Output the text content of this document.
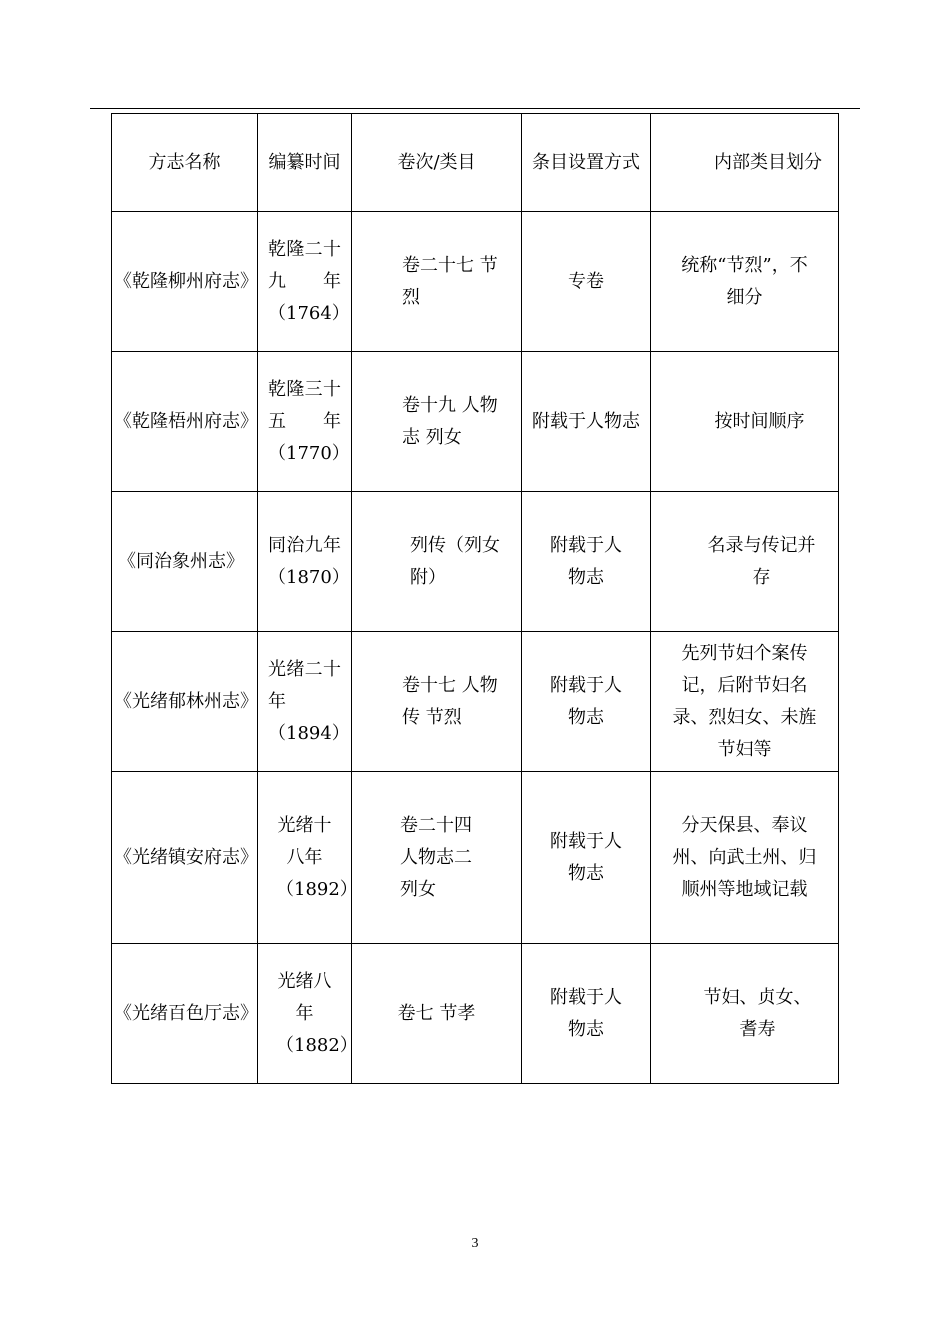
方志名称	编纂时间	卷次/类目	条目设置方式	内部类目划分
《乾隆柳州府志》	乾隆二十九年（1764）	卷二十七 节烈	专卷	统称“节烈”，不细分
《乾隆梧州府志》	乾隆三十五年（1770）	卷十九 人物志 列女	附载于人物志	按时间顺序
《同治象州志》	同治九年（1870）	列传（列女附）	附载于人物志	名录与传记并存
《光绪郁林州志》	光绪二十年（1894）	卷十七 人物传 节烈	附载于人物志	先列节妇个案传记，后附节妇名录、烈妇女、未旌节妇等
《光绪镇安府志》	光绪十八年（1892）	卷二十四人物志二列女	附载于人物志	分天保县、奉议州、向武土州、归顺州等地域记载
《光绪百色厅志》	光绪八年（1882）	卷七 节孝	附载于人物志	节妇、贞女、耆寿
3
